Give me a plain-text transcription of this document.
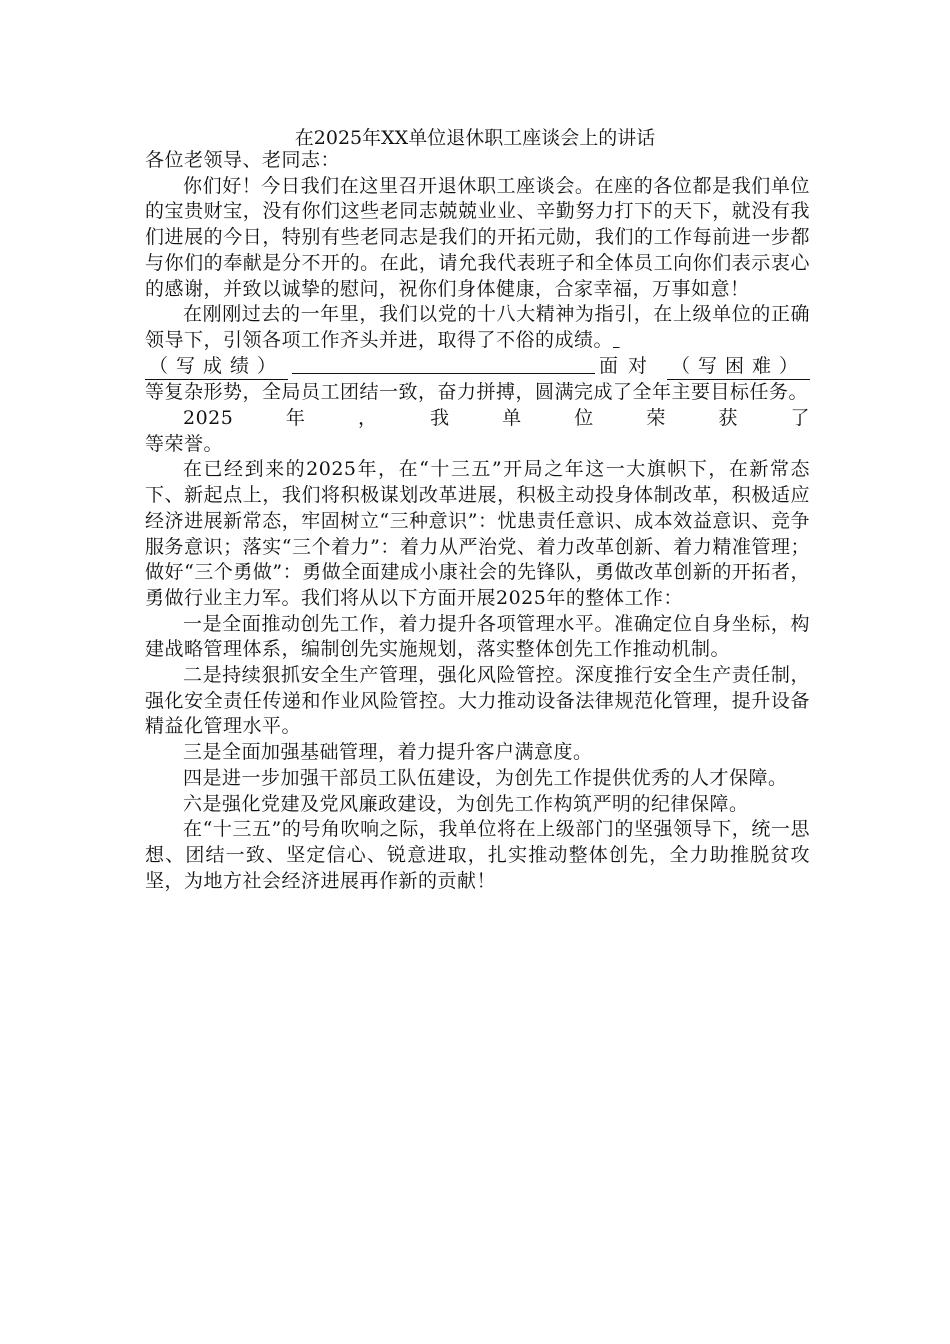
在2025年XX单位退休职工座谈会上的讲话

各位老领导、老同志：

你们好！今日我们在这里召开退休职工座谈会。在座的各位都是我们单位的宝贵财宝，没有你们这些老同志兢兢业业、辛勤努力打下的天下，就没有我们进展的今日，特别有些老同志是我们的开拓元勋，我们的工作每前进一步都与你们的奉献是分不开的。在此，请允我代表班子和全体员工向你们表示衷心的感谢，并致以诚挚的慰问，祝你们身体健康，合家幸福，万事如意！

在刚刚过去的一年里，我们以党的十八大精神为指引，在上级单位的正确领导下，引领各项工作齐头并进，取得了不俗的成绩。

（写成绩）	面对 （写困难）

等复杂形势，全局员工团结一致，奋力拼搏，圆满完成了全年主要目标任务。

2025	年	，	我	单	位	荣	获	了

等荣誉。

在已经到来的2025年，在“十三五”开局之年这一大旗帜下，在新常态下、新起点上，我们将积极谋划改革进展，积极主动投身体制改革，积极适应经济进展新常态，牢固树立“三种意识”：忧患责任意识、成本效益意识、竞争服务意识；落实“三个着力”：着力从严治党、着力改革创新、着力精准管理；做好“三个勇做”：勇做全面建成小康社会的先锋队，勇做改革创新的开拓者，勇做行业主力军。我们将从以下方面开展2025年的整体工作：

一是全面推动创先工作，着力提升各项管理水平。准确定位自身坐标，构建战略管理体系，编制创先实施规划，落实整体创先工作推动机制。

二是持续狠抓安全生产管理，强化风险管控。深度推行安全生产责任制，强化安全责任传递和作业风险管控。大力推动设备法律规范化管理，提升设备精益化管理水平。

三是全面加强基础管理，着力提升客户满意度。

四是进一步加强干部员工队伍建设，为创先工作提供优秀的人才保障。

六是强化党建及党风廉政建设，为创先工作构筑严明的纪律保障。

在“十三五”的号角吹响之际，我单位将在上级部门的坚强领导下，统一思想、团结一致、坚定信心、锐意进取，扎实推动整体创先，全力助推脱贫攻坚，为地方社会经济进展再作新的贡献！
